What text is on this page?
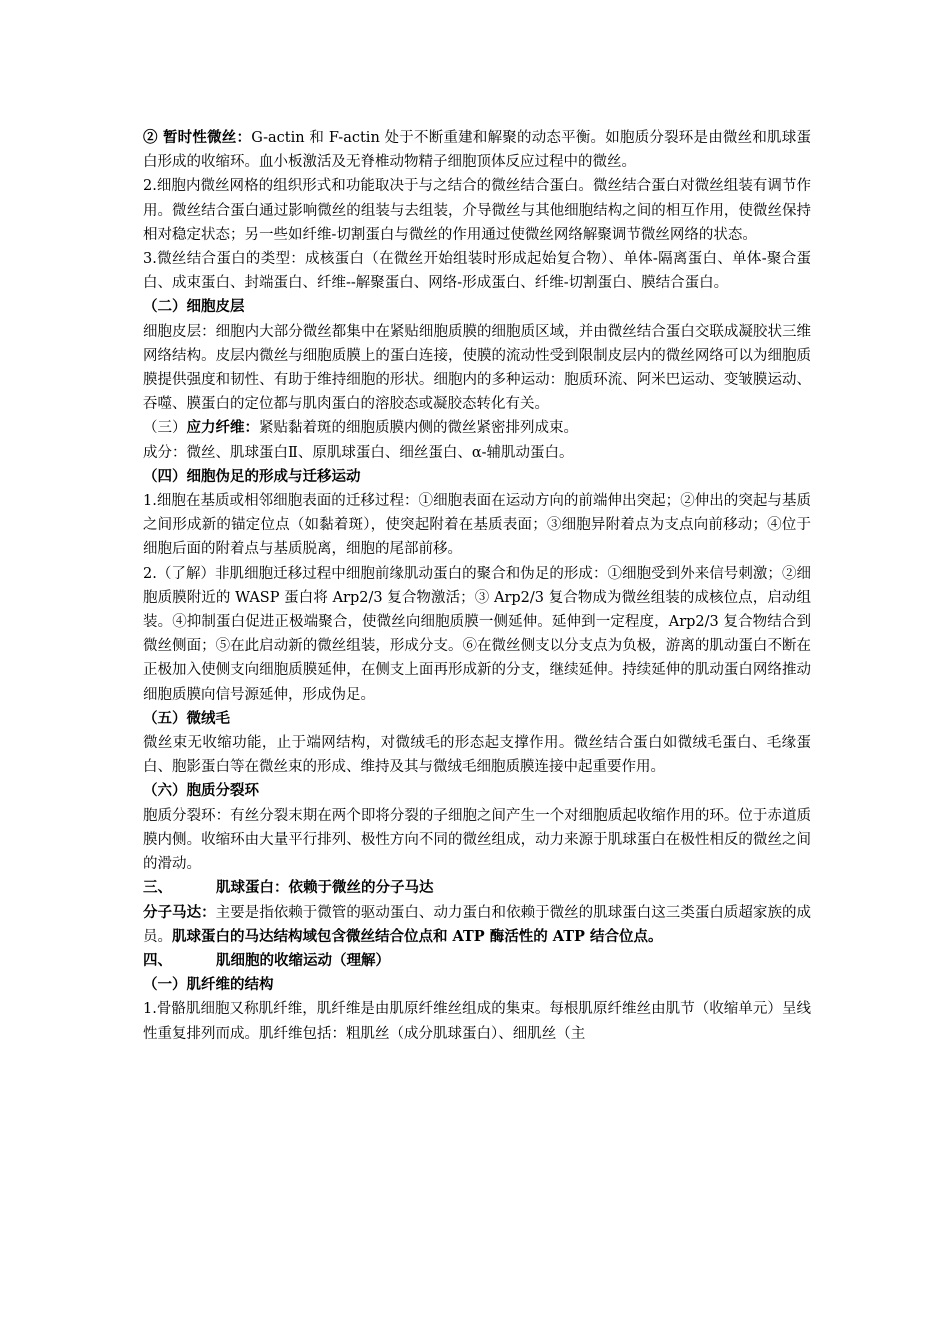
② 暂时性微丝：G-actin 和 F-actin 处于不断重建和解聚的动态平衡。如胞质分裂环是由微丝和肌球蛋白形成的收缩环。血小板激活及无脊椎动物精子细胞顶体反应过程中的微丝。

2.细胞内微丝网格的组织形式和功能取决于与之结合的微丝结合蛋白。微丝结合蛋白对微丝组装有调节作用。微丝结合蛋白通过影响微丝的组装与去组装，介导微丝与其他细胞结构之间的相互作用，使微丝保持相对稳定状态；另一些如纤维-切割蛋白与微丝的作用通过使微丝网络解聚调节微丝网络的状态。

3.微丝结合蛋白的类型：成核蛋白（在微丝开始组装时形成起始复合物）、单体-隔离蛋白、单体-聚合蛋白、成束蛋白、封端蛋白、纤维--解聚蛋白、网络-形成蛋白、纤维-切割蛋白、膜结合蛋白。

（二）细胞皮层

细胞皮层：细胞内大部分微丝都集中在紧贴细胞质膜的细胞质区域，并由微丝结合蛋白交联成凝胶状三维网络结构。皮层内微丝与细胞质膜上的蛋白连接，使膜的流动性受到限制皮层内的微丝网络可以为细胞质膜提供强度和韧性、有助于维持细胞的形状。细胞内的多种运动：胞质环流、阿米巴运动、变皱膜运动、吞噬、膜蛋白的定位都与肌肉蛋白的溶胶态或凝胶态转化有关。

（三）应力纤维：紧贴黏着斑的细胞质膜内侧的微丝紧密排列成束。

成分：微丝、肌球蛋白Ⅱ、原肌球蛋白、细丝蛋白、α-辅肌动蛋白。

（四）细胞伪足的形成与迁移运动

1.细胞在基质或相邻细胞表面的迁移过程：①细胞表面在运动方向的前端伸出突起；②伸出的突起与基质之间形成新的锚定位点（如黏着斑），使突起附着在基质表面；③细胞异附着点为支点向前移动；④位于细胞后面的附着点与基质脱离，细胞的尾部前移。

2.（了解）非肌细胞迁移过程中细胞前缘肌动蛋白的聚合和伪足的形成：①细胞受到外来信号刺激；②细胞质膜附近的 WASP 蛋白将 Arp2/3 复合物激活；③ Arp2/3 复合物成为微丝组装的成核位点，启动组装。④抑制蛋白促进正极端聚合，使微丝向细胞质膜一侧延伸。延伸到一定程度，Arp2/3 复合物结合到微丝侧面；⑤在此启动新的微丝组装，形成分支。⑥在微丝侧支以分支点为负极，游离的肌动蛋白不断在正极加入使侧支向细胞质膜延伸，在侧支上面再形成新的分支，继续延伸。持续延伸的肌动蛋白网络推动细胞质膜向信号源延伸，形成伪足。

（五）微绒毛

微丝束无收缩功能，止于端网结构，对微绒毛的形态起支撑作用。微丝结合蛋白如微绒毛蛋白、毛缘蛋白、胞影蛋白等在微丝束的形成、维持及其与微绒毛细胞质膜连接中起重要作用。

（六）胞质分裂环

胞质分裂环：有丝分裂末期在两个即将分裂的子细胞之间产生一个对细胞质起收缩作用的环。位于赤道质膜内侧。收缩环由大量平行排列、极性方向不同的微丝组成，动力来源于肌球蛋白在极性相反的微丝之间的滑动。

三、	肌球蛋白：依赖于微丝的分子马达

分子马达：主要是指依赖于微管的驱动蛋白、动力蛋白和依赖于微丝的肌球蛋白这三类蛋白质超家族的成员。肌球蛋白的马达结构域包含微丝结合位点和 ATP 酶活性的 ATP 结合位点。

四、	肌细胞的收缩运动（理解）

（一）肌纤维的结构

1.骨骼肌细胞又称肌纤维，肌纤维是由肌原纤维丝组成的集束。每根肌原纤维丝由肌节（收缩单元）呈线性重复排列而成。肌纤维包括：粗肌丝（成分肌球蛋白）、细肌丝（主
